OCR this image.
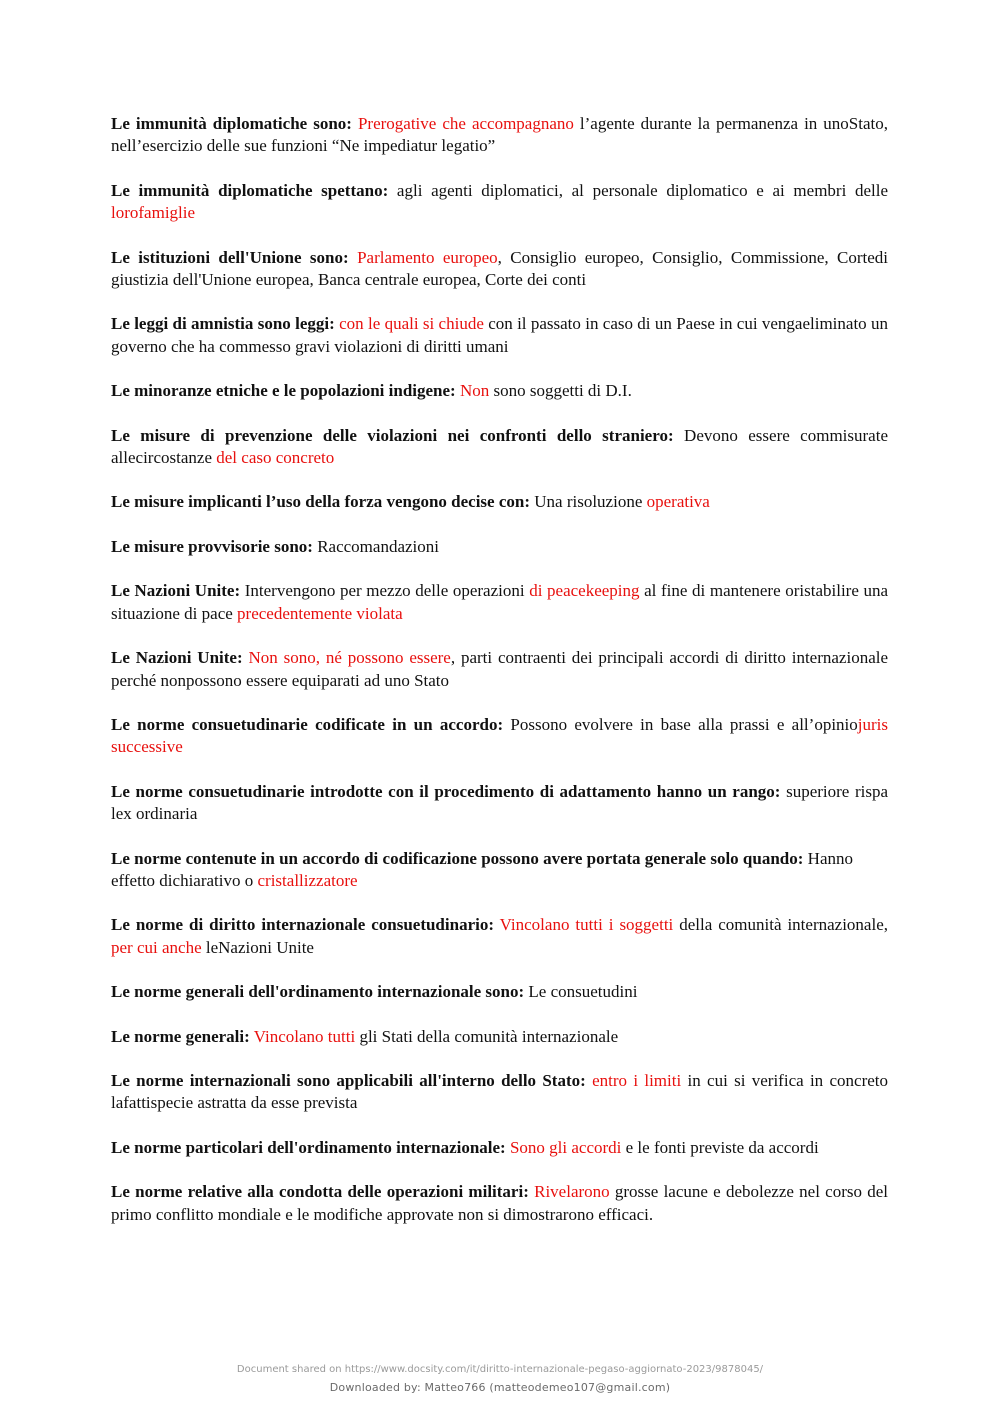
Le immunità diplomatiche sono: Prerogative che accompagnano l’agente durante la permanenza in unoStato, nell’esercizio delle sue funzioni “Ne impediatur legatio”

Le immunità diplomatiche spettano: agli agenti diplomatici, al personale diplomatico e ai membri delle lorofamiglie

Le istituzioni dell'Unione sono: Parlamento europeo, Consiglio europeo, Consiglio, Commissione, Cortedi giustizia dell'Unione europea, Banca centrale europea, Corte dei conti

Le leggi di amnistia sono leggi: con le quali si chiude con il passato in caso di un Paese in cui vengaeliminato un governo che ha commesso gravi violazioni di diritti umani

Le minoranze etniche e le popolazioni indigene: Non sono soggetti di D.I.

Le misure di prevenzione delle violazioni nei confronti dello straniero: Devono essere commisurate allecircostanze del caso concreto

Le misure implicanti l’uso della forza vengono decise con: Una risoluzione operativa

Le misure provvisorie sono: Raccomandazioni

Le Nazioni Unite: Intervengono per mezzo delle operazioni di peacekeeping al fine di mantenere oristabilire una situazione di pace precedentemente violata

Le Nazioni Unite: Non sono, né possono essere, parti contraenti dei principali accordi di diritto internazionale perché nonpossono essere equiparati ad uno Stato

Le norme consuetudinarie codificate in un accordo: Possono evolvere in base alla prassi e all’opiniojuris successive

Le norme consuetudinarie introdotte con il procedimento di adattamento hanno un rango: superiore rispa lex ordinaria

Le norme contenute in un accordo di codificazione possono avere portata generale solo quando: Hanno effetto dichiarativo o cristallizzatore

Le norme di diritto internazionale consuetudinario: Vincolano tutti i soggetti della comunità internazionale, per cui anche leNazioni Unite

Le norme generali dell'ordinamento internazionale sono: Le consuetudini

Le norme generali: Vincolano tutti gli Stati della comunità internazionale

Le norme internazionali sono applicabili all'interno dello Stato: entro i limiti in cui si verifica in concreto lafattispecie astratta da esse prevista

Le norme particolari dell'ordinamento internazionale: Sono gli accordi e le fonti previste da accordi

Le norme relative alla condotta delle operazioni militari: Rivelarono grosse lacune e debolezze nel corso del primo conflitto mondiale e le modifiche approvate non si dimostrarono efficaci.

Document shared on https://www.docsity.com/it/diritto-internazionale-pegaso-aggiornato-2023/9878045/
Downloaded by: Matteo766 (matteodemeo107@gmail.com)
